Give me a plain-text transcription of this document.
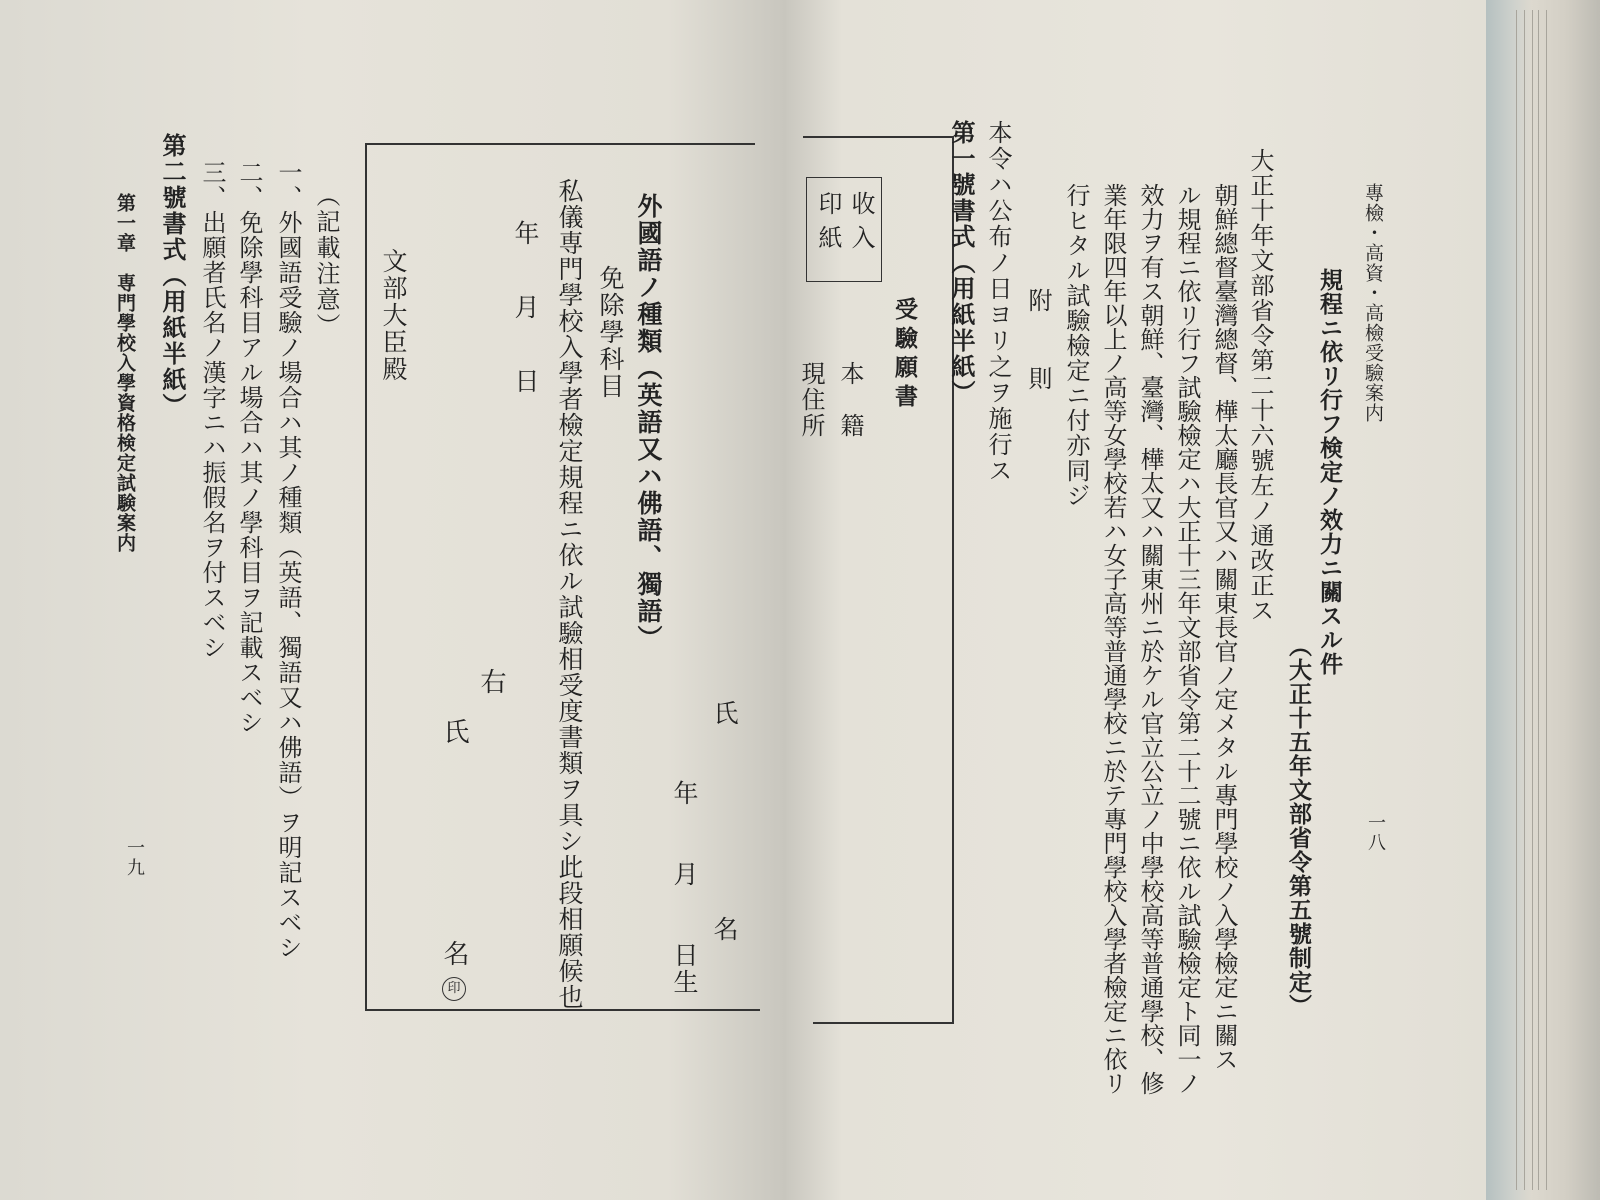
外國語ノ種類（英語又ハ佛語、獨語）
免除學科目
私儀専門學校入學者檢定規程ニ依ル試驗相受度書類ヲ具シ此段相願候也
年　月　日
右
氏
名
印
文部大臣殿
氏　　　　　　　名
年　　月　　日生
（記載注意）
一、外國語受驗ノ場合ハ其ノ種類（英語、獨語又ハ佛語）ヲ明記スベシ
二、免除學科目アル場合ハ其ノ學科目ヲ記載スベシ
三、出願者氏名ノ漢字ニハ振假名ヲ付スベシ
第二號書式（用紙半紙）
第一章　専門學校入學資格検定試験案内
一九
收入
印紙
受驗願書
本　籍
現住所	第一號書式（用紙半紙） 本令ハ公布ノ日ヨリ之ヲ施行ス 附　　則	大正十年文部省令第二十六號左ノ通改正ス
朝鮮總督臺灣總督、樺太廳長官又ハ關東長官ノ定メタル專門學校ノ入學檢定ニ關ス
ル規程ニ依リ行フ試驗檢定ハ大正十三年文部省令第二十二號ニ依ル試驗檢定ト同一ノ
效力ヲ有ス朝鮮、臺灣、樺太又ハ關東州ニ於ケル官立公立ノ中學校高等普通學校、修
業年限四年以上ノ高等女學校若ハ女子高等普通學校ニ於テ專門學校入學者檢定ニ依リ
行ヒタル試驗檢定ニ付亦同ジ	規程ニ依リ行フ検定ノ效力ニ關スル件
（大正十五年文部省令第五號制定）
專檢・高資・高檢受驗案内
一八
